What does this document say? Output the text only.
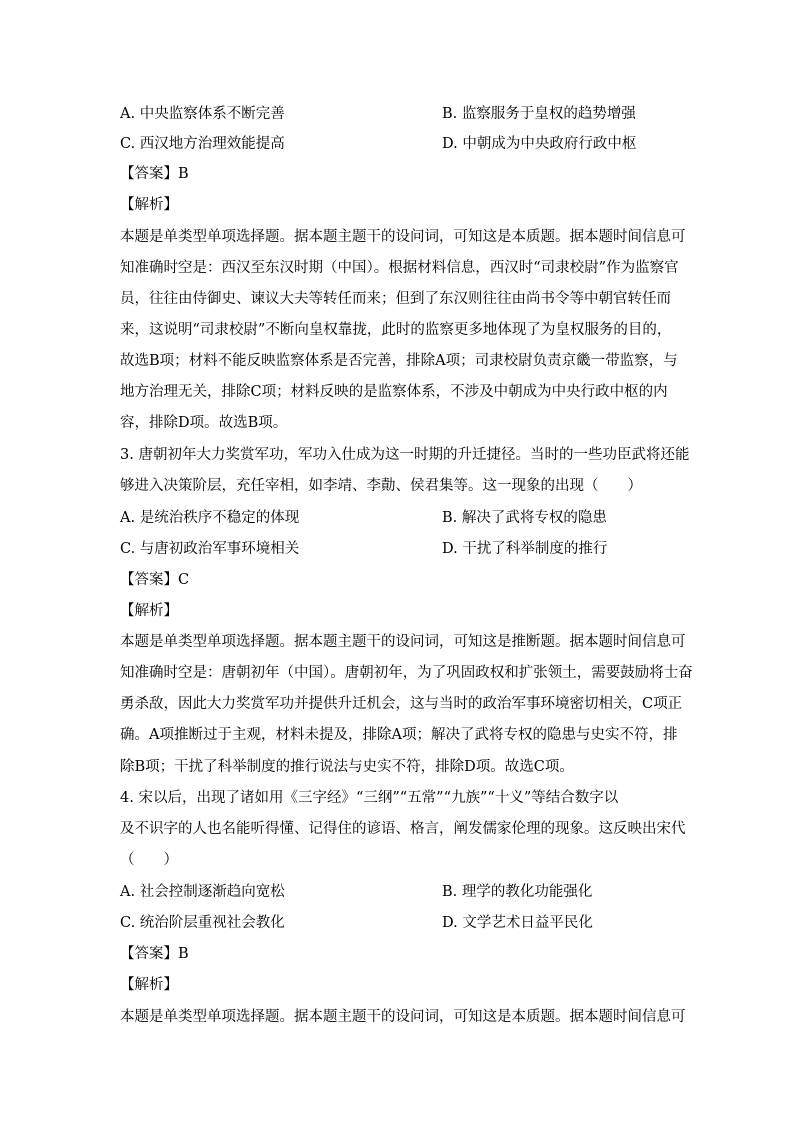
A. 中央监察体系不断完善	B. 监察服务于皇权的趋势增强
C. 西汉地方治理效能提高	D. 中朝成为中央政府行政中枢
【答案】B
【解析】
本题是单类型单项选择题。据本题主题干的设问词，可知这是本质题。据本题时间信息可
知准确时空是：西汉至东汉时期（中国）。根据材料信息，西汉时“司隶校尉”作为监察官
员，往往由侍御史、谏议大夫等转任而来；但到了东汉则往往由尚书令等中朝官转任而
来，这说明“司隶校尉”不断向皇权靠拢，此时的监察更多地体现了为皇权服务的目的，
故选B项；材料不能反映监察体系是否完善，排除A项；司隶校尉负责京畿一带监察，与
地方治理无关，排除C项；材料反映的是监察体系，不涉及中朝成为中央行政中枢的内
容，排除D项。故选B项。
3. 唐朝初年大力奖赏军功，军功入仕成为这一时期的升迁捷径。当时的一些功臣武将还能
够进入决策阶层，充任宰相，如李靖、李勣、侯君集等。这一现象的出现（　　）
A. 是统治秩序不稳定的体现	B. 解决了武将专权的隐患
C. 与唐初政治军事环境相关	D. 干扰了科举制度的推行
【答案】C
【解析】
本题是单类型单项选择题。据本题主题干的设问词，可知这是推断题。据本题时间信息可
知准确时空是：唐朝初年（中国）。唐朝初年，为了巩固政权和扩张领土，需要鼓励将士奋
勇杀敌，因此大力奖赏军功并提供升迁机会，这与当时的政治军事环境密切相关，C项正
确。A项推断过于主观，材料未提及，排除A项；解决了武将专权的隐患与史实不符，排
除B项；干扰了科举制度的推行说法与史实不符，排除D项。故选C项。
4. 宋以后，出现了诸如用《三字经》“三纲”“五常”“九族”“十义”等结合数字以
及不识字的人也名能听得懂、记得住的谚语、格言，阐发儒家伦理的现象。这反映出宋代
（　　）
A. 社会控制逐渐趋向宽松	B. 理学的教化功能强化
C. 统治阶层重视社会教化	D. 文学艺术日益平民化
【答案】B
【解析】
本题是单类型单项选择题。据本题主题干的设问词，可知这是本质题。据本题时间信息可
